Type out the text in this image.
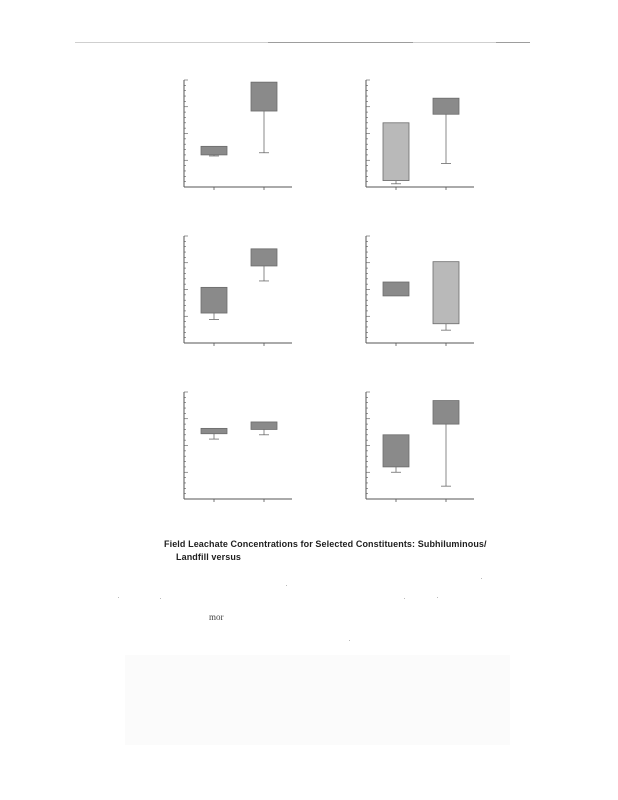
Field Leachate Concentrations for Selected Constituents: Subhiluminous/
Landfill versus
mor
